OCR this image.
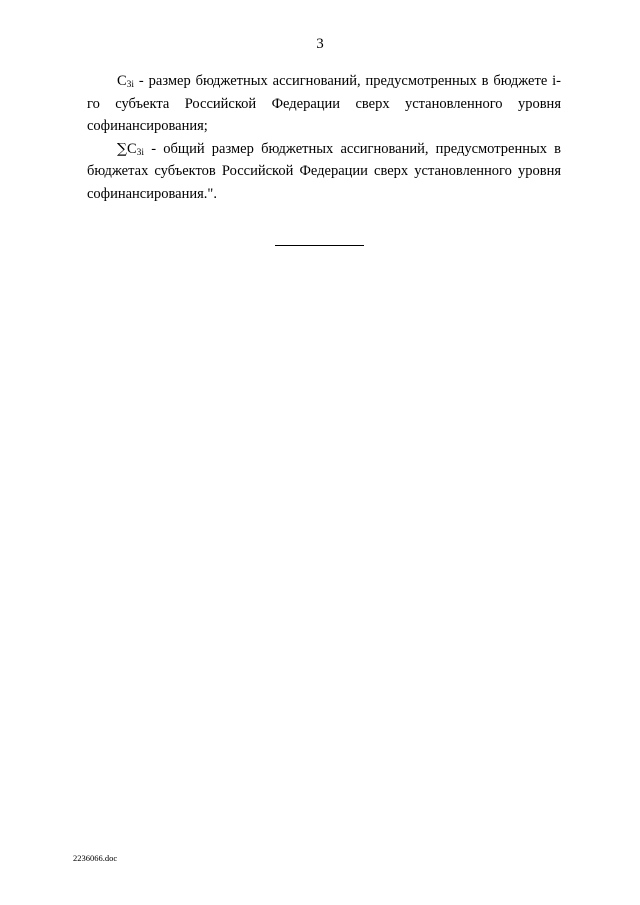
3

$C_{3i}$ - размер бюджетных ассигнований, предусмотренных в бюджете i-го субъекта Российской Федерации сверх установленного уровня софинансирования;

$\sum C_{3i}$ - общий размер бюджетных ассигнований, предусмотренных в бюджетах субъектов Российской Федерации сверх установленного уровня софинансирования.".

2236066.doc
